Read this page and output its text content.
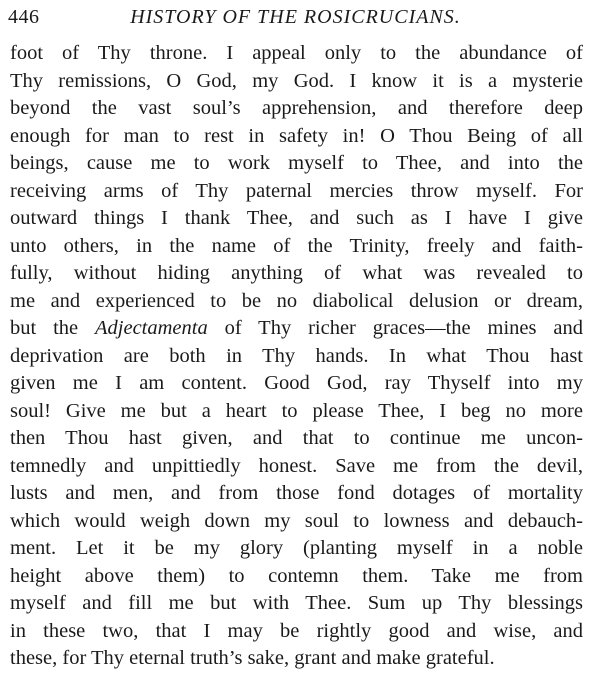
446	HISTORY OF THE ROSICRUCIANS.
foot of Thy throne. I appeal only to the abundance of
Thy remissions, O God, my God. I know it is a mysterie
beyond the vast soul’s apprehension, and therefore deep
enough for man to rest in safety in! O Thou Being of all
beings, cause me to work myself to Thee, and into the
receiving arms of Thy paternal mercies throw myself. For
outward things I thank Thee, and such as I have I give
unto others, in the name of the Trinity, freely and faith-
fully, without hiding anything of what was revealed to
me and experienced to be no diabolical delusion or dream,
but the Adjectamenta of Thy richer graces—the mines and
deprivation are both in Thy hands. In what Thou hast
given me I am content. Good God, ray Thyself into my
soul! Give me but a heart to please Thee, I beg no more
then Thou hast given, and that to continue me uncon-
temnedly and unpittiedly honest. Save me from the devil,
lusts and men, and from those fond dotages of mortality
which would weigh down my soul to lowness and debauch-
ment. Let it be my glory (planting myself in a noble
height above them) to contemn them. Take me from
myself and fill me but with Thee. Sum up Thy blessings
in these two, that I may be rightly good and wise, and
these, for Thy eternal truth’s sake, grant and make grateful.
